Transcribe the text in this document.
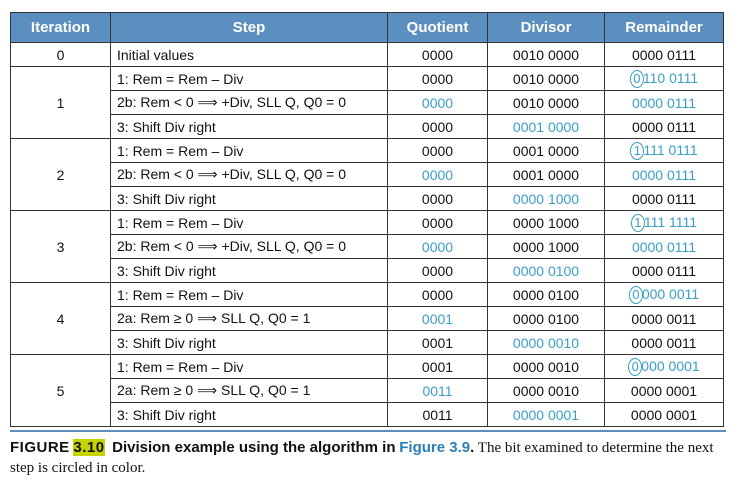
Iteration	Step	Quotient	Divisor	Remainder
0	Initial values	0000	0010 0000	0000 0111
1	1: Rem = Rem – Div	0000	0010 0000	0 110 0111
	2b: Rem < 0 ⟹ +Div, SLL Q, Q0 = 0	0000	0010 0000	0000 0111
	3: Shift Div right	0000	0001 0000	0000 0111
2	1: Rem = Rem – Div	0000	0001 0000	1 111 0111
	2b: Rem < 0 ⟹ +Div, SLL Q, Q0 = 0	0000	0001 0000	0000 0111
	3: Shift Div right	0000	0000 1000	0000 0111
3	1: Rem = Rem – Div	0000	0000 1000	1 111 1111
	2b: Rem < 0 ⟹ +Div, SLL Q, Q0 = 0	0000	0000 1000	0000 0111
	3: Shift Div right	0000	0000 0100	0000 0111
4	1: Rem = Rem – Div	0000	0000 0100	0 000 0011
	2a: Rem ≥ 0 ⟹ SLL Q, Q0 = 1	0001	0000 0100	0000 0011
	3: Shift Div right	0001	0000 0010	0000 0011
5	1: Rem = Rem – Div	0001	0000 0010	0 000 0001
	2a: Rem ≥ 0 ⟹ SLL Q, Q0 = 1	0011	0000 0010	0000 0001
	3: Shift Div right	0011	0000 0001	0000 0001
FIGURE 3.10 Division example using the algorithm in Figure 3.9. The bit examined to determine the next step is circled in color.
